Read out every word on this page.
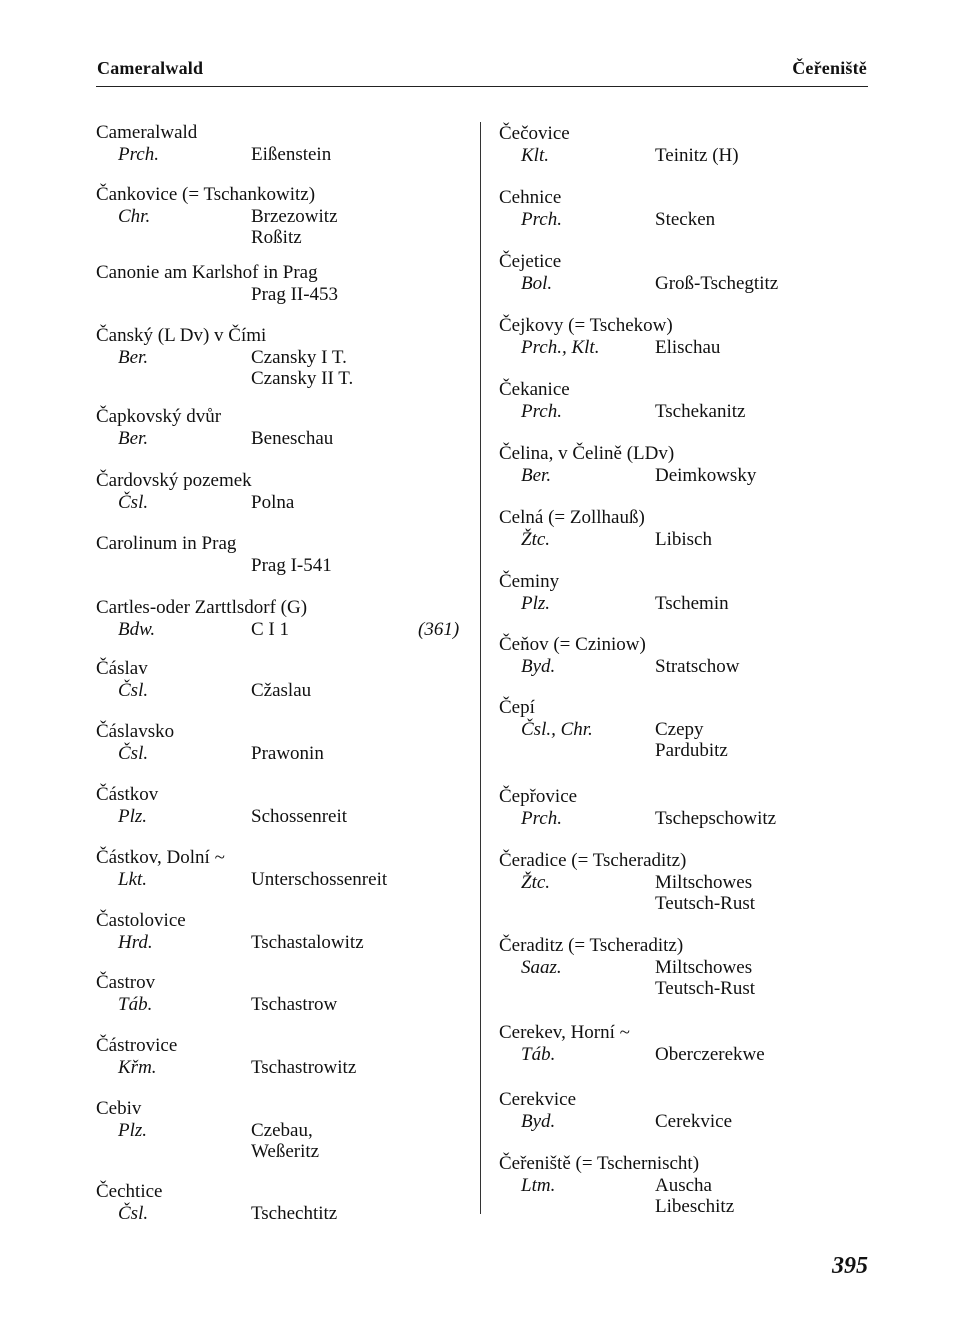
Cameralwald	Čeřeniště
Cameralwald
Prch.	Eißenstein
Čankovice (= Tschankowitz)
Chr.	Brzezowitz
Roßitz
Canonie am Karlshof in Prag
Prag II-453
Čanský (L Dv) v Čími
Ber.	Czansky I T.
Czansky II T.
Čapkovský dvůr
Ber.	Beneschau
Čardovský pozemek
Čsl.	Polna
Carolinum in Prag
Prag I-541
Cartles-oder Zarttlsdorf (G)
Bdw.	C I 1	(361)
Čáslav
Čsl.	Cžaslau
Čáslavsko
Čsl.	Prawonin
Částkov
Plz.	Schossenreit
Částkov, Dolní ~
Lkt.	Unterschossenreit
Častolovice
Hrd.	Tschastalowitz
Častrov
Táb.	Tschastrow
Částrovice
Křm.	Tschastrowitz
Cebiv
Plz.	Czebau,
Weßeritz
Čechtice
Čsl.	Tschechtitz
Čečovice
Klt.	Teinitz (H)
Cehnice
Prch.	Stecken
Čejetice
Bol.	Groß-Tschegtitz
Čejkovy (= Tschekow)
Prch., Klt.	Elischau
Čekanice
Prch.	Tschekanitz
Čelina, v Čelině (LDv)
Ber.	Deimkowsky
Celná (= Zollhauß)
Žtc.	Libisch
Čeminy
Plz.	Tschemin
Čeňov (= Cziniow)
Byd.	Stratschow
Čepí
Čsl., Chr.	Czepy
Pardubitz
Čepřovice
Prch.	Tschepschowitz
Čeradice (= Tscheraditz)
Žtc.	Miltschowes
Teutsch-Rust
Čeraditz (= Tscheraditz)
Saaz.	Miltschowes
Teutsch-Rust
Cerekev, Horní ~
Táb.	Oberczerekwe
Cerekvice
Byd.	Cerekvice
Čeřeniště (= Tschernischt)
Ltm.	Auscha
Libeschitz
395
